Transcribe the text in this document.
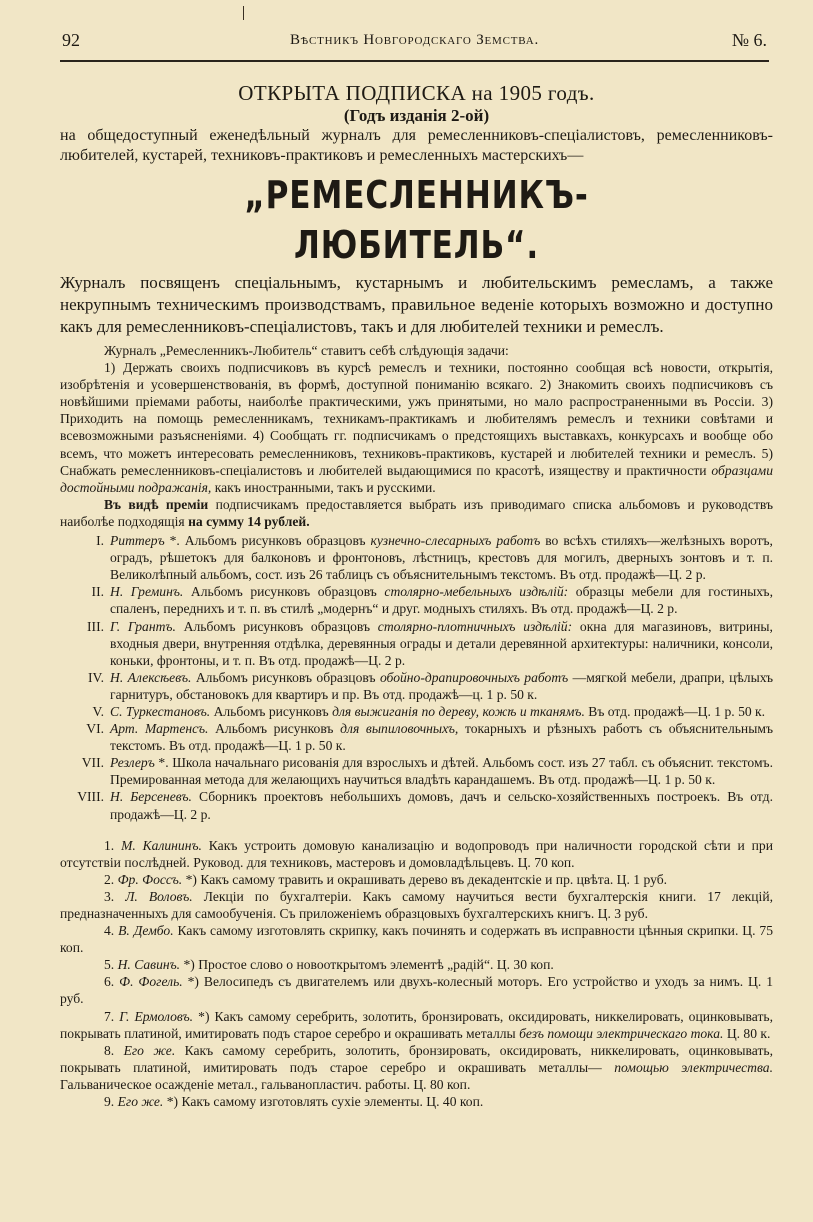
92	Вѣстникъ Новгородскаго Земства.	№ 6.
ОТКРЫТА ПОДПИСКА на 1905 годъ.
(Годъ изданія 2-ой)
на общедоступный еженедѣльный журналъ для ремесленниковъ-спеціалистовъ, ремесленниковъ-любителей, кустарей, техниковъ-практиковъ и ремесленныхъ мастерскихъ—
„РЕМЕСЛЕННИКЪ-ЛЮБИТЕЛЬ“.
Журналъ посвященъ спеціальнымъ, кустарнымъ и любительскимъ ремесламъ, а также некрупнымъ техническимъ производствамъ, правильное веденіе которыхъ возможно и доступно какъ для ремесленниковъ-спеціалистовъ, такъ и для любителей техники и ремеслъ.
Журналъ „Ремесленникъ-Любитель“ ставитъ себѣ слѣдующія задачи:
1) Держать своихъ подписчиковъ въ курсѣ ремеслъ и техники, постоянно сообщая всѣ новости, открытія, изобрѣтенія и усовершенствованія, въ формѣ, доступной пониманію всякаго. 2) Знакомить своихъ подписчиковъ съ новѣйшими пріемами работы, наиболѣе практическими, ужъ принятыми, но мало распространенными въ Россіи. 3) Приходить на помощь ремесленникамъ, техникамъ-практикамъ и любителямъ ремеслъ и техники совѣтами и всевозможными разъясненіями. 4) Сообщать гг. подписчикамъ о предстоящихъ выставкахъ, конкурсахъ и вообще обо всемъ, что можетъ интересовать ремесленниковъ, техниковъ-практиковъ, кустарей и любителей техники и ремеслъ. 5) Снабжать ремесленниковъ-спеціалистовъ и любителей выдающимися по красотѣ, изяществу и практичности образцами достойными подражанія, какъ иностранными, такъ и русскими.
Въ видѣ преміи подписчикамъ предоставляется выбрать изъ приводимаго списка альбомовъ и руководствъ наиболѣе подходящія на сумму 14 рублей.
I. Риттеръ *. Альбомъ рисунковъ образцовъ кузнечно-слесарныхъ работъ во всѣхъ стиляхъ—желѣзныхъ воротъ, оградъ, рѣшетокъ для балконовъ и фронтоновъ, лѣстницъ, крестовъ для могилъ, дверныхъ зонтовъ и т. п. Великолѣпный альбомъ, сост. изъ 26 таблицъ съ объяснительнымъ текстомъ. Въ отд. продажѣ—Ц. 2 р.
II. Н. Греминъ. Альбомъ рисунковъ образцовъ столярно-мебельныхъ издѣлій: образцы мебели для гостиныхъ, спаленъ, переднихъ и т. п. въ стилѣ „модернъ“ и друг. модныхъ стиляхъ. Въ отд. продажѣ—Ц. 2 р.
III. Г. Грантъ. Альбомъ рисунковъ образцовъ столярно-плотничныхъ издѣлій: окна для магазиновъ, витрины, входныя двери, внутренняя отдѣлка, деревянныя ограды и детали деревянной архитектуры: наличники, консоли, коньки, фронтоны, и т. п. Въ отд. продажѣ—Ц. 2 р.
IV. Н. Алексѣевъ. Альбомъ рисунковъ образцовъ обойно-драпировочныхъ работъ —мягкой мебели, драпри, цѣлыхъ гарнитуръ, обстановокъ для квартиръ и пр. Въ отд. продажѣ—ц. 1 р. 50 к.
V. С. Туркестановъ. Альбомъ рисунковъ для выжиганія по дереву, кожѣ и тканямъ. Въ отд. продажѣ—Ц. 1 р. 50 к.
VI. Арт. Мартенсъ. Альбомъ рисунковъ для выпиловочныхъ, токарныхъ и рѣзныхъ работъ съ объяснительнымъ текстомъ. Въ отд. продажѣ—Ц. 1 р. 50 к.
VII. Резлеръ *. Школа начальнаго рисованія для взрослыхъ и дѣтей. Альбомъ сост. изъ 27 табл. съ объяснит. текстомъ. Премированная метода для желающихъ научиться владѣть карандашемъ. Въ отд. продажѣ—Ц. 1 р. 50 к.
VIII. Н. Берсеневъ. Сборникъ проектовъ небольшихъ домовъ, дачъ и сельско-хозяйственныхъ построекъ. Въ отд. продажѣ—Ц. 2 р.
1. М. Калининъ. Какъ устроить домовую канализацію и водопроводъ при наличности городской сѣти и при отсутствіи послѣдней. Руковод. для техниковъ, мастеровъ и домовладѣльцевъ. Ц. 70 коп.
2. Фр. Фоссъ. *) Какъ самому травить и окрашивать дерево въ декадентскіе и пр. цвѣта. Ц. 1 руб.
3. Л. Воловъ. Лекціи по бухгалтеріи. Какъ самому научиться вести бухгалтерскія книги. 17 лекцій, предназначенныхъ для самообученія. Съ приложеніемъ образцовыхъ бухгалтерскихъ книгъ. Ц. 3 руб.
4. В. Дембо. Какъ самому изготовлять скрипку, какъ починять и содержать въ исправности цѣнныя скрипки. Ц. 75 коп.
5. Н. Савинъ. *) Простое слово о новооткрытомъ элементѣ „радій“. Ц. 30 коп.
6. Ф. Фогель. *) Велосипедъ съ двигателемъ или двухъ-колесный моторъ. Его устройство и уходъ за нимъ. Ц. 1 руб.
7. Г. Ермоловъ. *) Какъ самому серебрить, золотить, бронзировать, оксидировать, никкелировать, оцинковывать, покрывать платиной, имитировать подъ старое серебро и окрашивать металлы безъ помощи электрическаго тока. Ц. 80 к.
8. Его же. Какъ самому серебрить, золотить, бронзировать, оксидировать, никкелировать, оцинковывать, покрывать платиной, имитировать подъ старое серебро и окрашивать металлы— помощью электричества. Гальваническое осажденіе метал., гальванопластич. работы. Ц. 80 коп.
9. Его же. *) Какъ самому изготовлять сухіе элементы. Ц. 40 коп.
